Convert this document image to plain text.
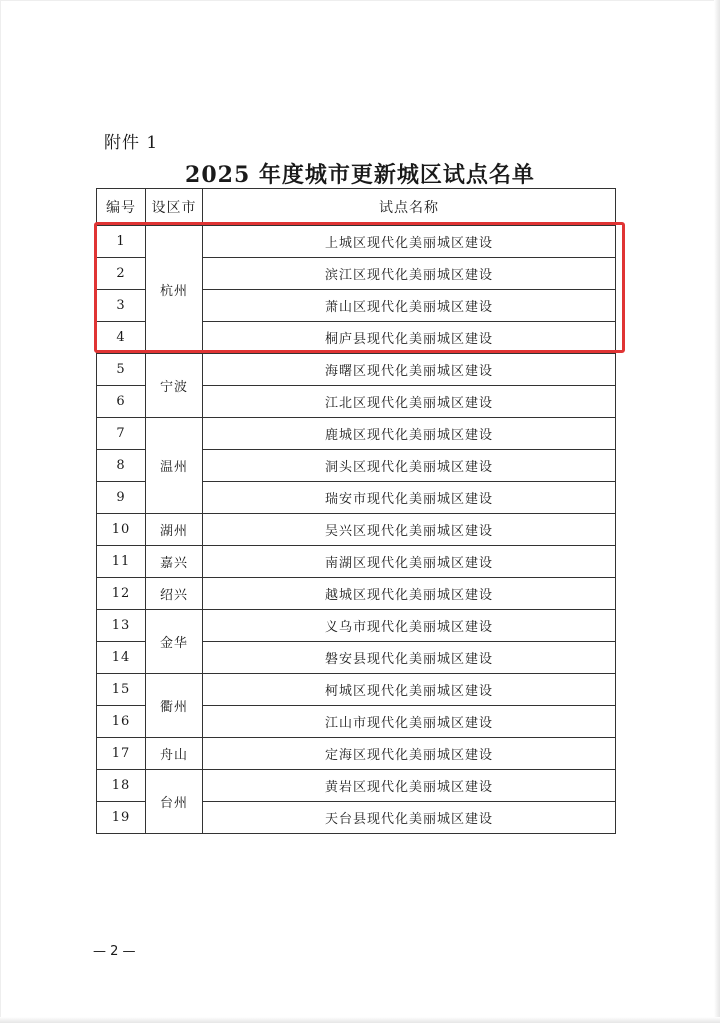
附件 1
2025 年度城市更新城区试点名单
编号	设区市	试点名称
1	杭州	上城区现代化美丽城区建设
2		滨江区现代化美丽城区建设
3		萧山区现代化美丽城区建设
4		桐庐县现代化美丽城区建设
5	宁波	海曙区现代化美丽城区建设
6		江北区现代化美丽城区建设
7	温州	鹿城区现代化美丽城区建设
8		洞头区现代化美丽城区建设
9		瑞安市现代化美丽城区建设
10	湖州	吴兴区现代化美丽城区建设
11	嘉兴	南湖区现代化美丽城区建设
12	绍兴	越城区现代化美丽城区建设
13	金华	义乌市现代化美丽城区建设
14		磐安县现代化美丽城区建设
15	衢州	柯城区现代化美丽城区建设
16		江山市现代化美丽城区建设
17	舟山	定海区现代化美丽城区建设
18	台州	黄岩区现代化美丽城区建设
19		天台县现代化美丽城区建设
— 2 —
